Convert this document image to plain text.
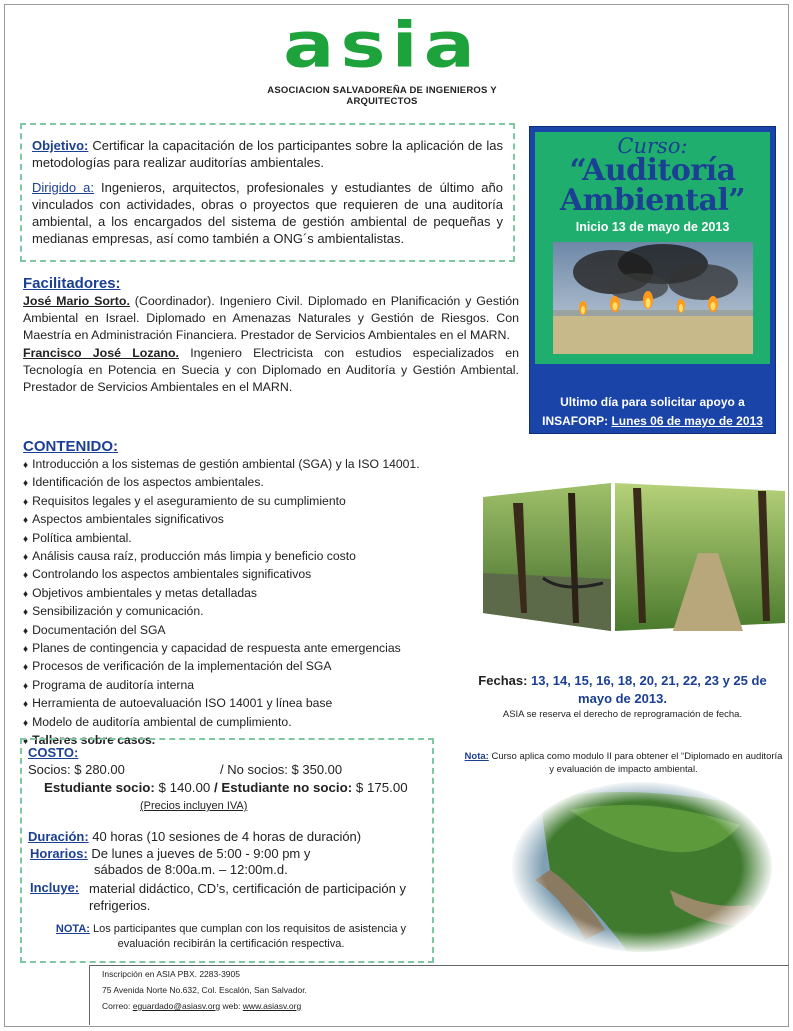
asia
ASOCIACION SALVADOREÑA DE INGENIEROS Y ARQUITECTOS

Objetivo: Certificar la capacitación de los participantes sobre la aplicación de las metodologías para realizar auditorías ambientales.

Dirigido a: Ingenieros, arquitectos, profesionales y estudiantes de último año vinculados con actividades, obras o proyectos que requieren de una auditoría ambiental, a los encargados del sistema de gestión ambiental de pequeñas y medianas empresas, así como también a ONG´s ambientalistas.

Curso:
“Auditoría
Ambiental”
Inicio 13 de mayo de 2013
Ultimo día para solicitar apoyo a
INSAFORP: Lunes 06 de mayo de 2013
Facilitadores:

José Mario Sorto. (Coordinador). Ingeniero Civil. Diplomado en Planificación y Gestión Ambiental en Israel. Diplomado en Amenazas Naturales y Gestión de Riesgos. Con Maestría en Administración Financiera. Prestador de Servicios Ambientales en el MARN.

Francisco José Lozano. Ingeniero Electricista con estudios especializados en Tecnología en Potencia en Suecia y con Diplomado en Auditoría y Gestión Ambiental. Prestador de Servicios Ambientales en el MARN.

CONTENIDO:
♦ Introducción a los sistemas de gestión ambiental (SGA) y la ISO 14001.
♦ Identificación de los aspectos ambientales.
♦ Requisitos legales y el aseguramiento de su cumplimiento
♦ Aspectos ambientales significativos
♦ Política ambiental.
♦ Análisis causa raíz, producción más limpia y beneficio costo
♦ Controlando los aspectos ambientales significativos
♦ Objetivos ambientales y metas detalladas
♦ Sensibilización y comunicación.
♦ Documentación del SGA
♦ Planes de contingencia y capacidad de respuesta ante emergencias
♦ Procesos de verificación de la implementación del SGA
♦ Programa de auditoría interna
♦ Herramienta de autoevaluación ISO 14001 y línea base
♦ Modelo de auditoría ambiental de cumplimiento.
♦ Talleres sobre casos.
Fechas: 13, 14, 15, 16, 18, 20, 21, 22, 23 y 25 de mayo de 2013.
ASIA se reserva el derecho de reprogramación de fecha.
Nota: Curso aplica como modulo II para obtener el “Diplomado en auditoría y evaluación de impacto ambiental.
COSTO:
Socios: $ 280.00	/ No socios: $ 350.00
Estudiante socio: $ 140.00 / Estudiante no socio: $ 175.00
(Precios incluyen IVA)
Duración: 40 horas (10 sesiones de 4 horas de duración)
Horarios: De lunes a jueves de 5:00 - 9:00 pm y
sábados de 8:00a.m. – 12:00m.d.
Incluye: material didáctico, CD’s, certificación de participación y refrigerios.
NOTA: Los participantes que cumplan con los requisitos de asistencia y evaluación recibirán la certificación respectiva.
Inscripción en ASIA PBX. 2283-3905
75 Avenida Norte No.632, Col. Escalón, San Salvador.
Correo: eguardado@asiasv.org web: www.asiasv.org
